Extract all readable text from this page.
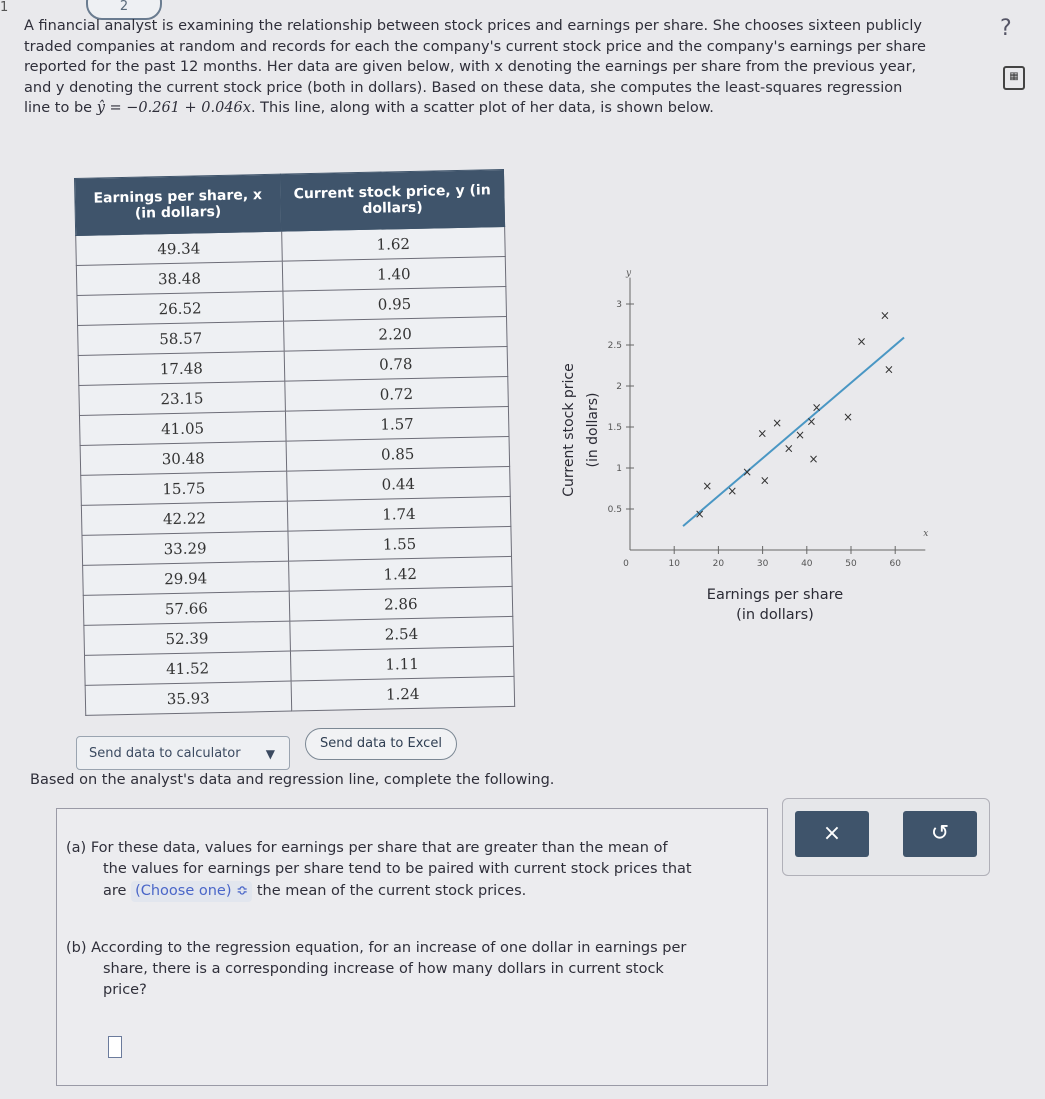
1	2
?
▦
A financial analyst is examining the relationship between stock prices and earnings per share. She chooses sixteen publicly
traded companies at random and records for each the company's current stock price and the company's earnings per share
reported for the past 12 months. Her data are given below, with x denoting the earnings per share from the previous year,
and y denoting the current stock price (both in dollars). Based on these data, she computes the least-squares regression
line to be ŷ = −0.261 + 0.046x. This line, along with a scatter plot of her data, is shown below.
Earnings per share, x (in dollars)	Current stock price, y (in dollars)
49.34	1.62
38.48	1.40
26.52	0.95
58.57	2.20
17.48	0.78
23.15	0.72
41.05	1.57
30.48	0.85
15.75	0.44
42.22	1.74
33.29	1.55
29.94	1.42
57.66	2.86
52.39	2.54
41.52	1.11
35.93	1.24
Send data to calculator ▼
Send data to Excel
Current stock price (in dollars)
x
y
0	10	20	30	40	50	60
0.5
1
1.5
2
2.5
3
×
×
×
×
× ×
×
×
×
×
×
×
×
×
×
×
Earnings per share
(in dollars)
Based on the analyst's data and regression line, complete the following.
(a) For these data, values for earnings per share that are greater than the mean of
the values for earnings per share tend to be paired with current stock prices that
are (Choose one) ≎ the mean of the current stock prices.
(b) According to the regression equation, for an increase of one dollar in earnings per
share, there is a corresponding increase of how many dollars in current stock
price?
×	↺
